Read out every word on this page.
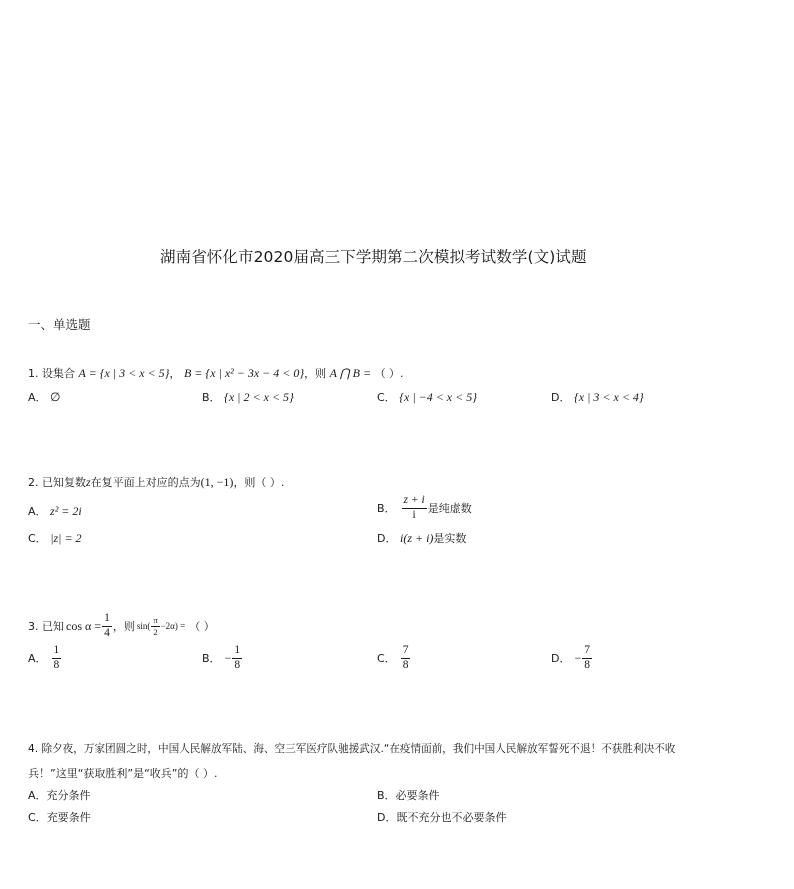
湖南省怀化市2020届高三下学期第二次模拟考试数学(文)试题
一、单选题
1. 设集合 A = {x | 3 < x < 5}， B = {x | x² − 3x − 4 < 0}，则 A ⋂ B = （ ）.
A． ∅	B． {x | 2 < x < 5}	C． {x | −4 < x < 5}	D． {x | 3 < x < 4}
2. 已知复数z在复平面上对应的点为(1, −1)，则（ ）.
A． z² = 2i	B． $\frac{z + i}{i}$ 是纯虚数
C． |z| = 2	D． i(z + i)是实数
3. 已知 $\cos \alpha = \frac{1}{4}$ ，则 $\sin( \frac{\pi}{2} -2\alpha)$ = （ ）
A． $\frac{1}{8}$	B． − $\frac{1}{8}$	C． $\frac{7}{8}$	D． − $\frac{7}{8}$
4. 除夕夜，万家团圆之时，中国人民解放军陆、海、空三军医疗队驰援武汉.“在疫情面前，我们中国人民解放军誓死不退！不获胜利决不收
兵！”这里“获取胜利”是“收兵”的（ ）.
A．充分条件	B．必要条件
C．充要条件	D．既不充分也不必要条件
